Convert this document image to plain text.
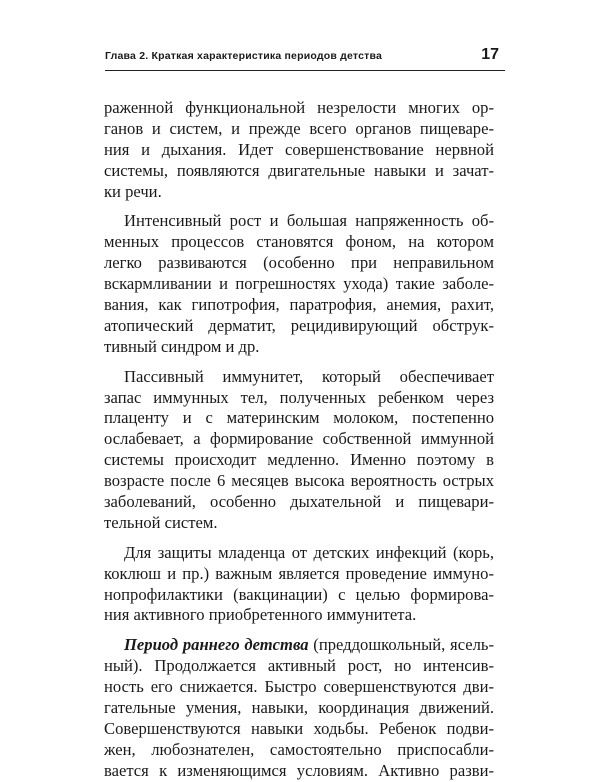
Глава 2. Краткая характеристика периодов детства	17
раженной функциональной незрелости многих ор-
ганов и систем, и прежде всего органов пищеваре-
ния и дыхания. Идет совершенствование нервной
системы, появляются двигательные навыки и зачат-
ки речи.
Интенсивный рост и большая напряженность об-
менных процессов становятся фоном, на котором
легко развиваются (особенно при неправильном
вскармливании и погрешностях ухода) такие заболе-
вания, как гипотрофия, паратрофия, анемия, рахит,
атопический дерматит, рецидивирующий обструк-
тивный синдром и др.
Пассивный иммунитет, который обеспечивает
запас иммунных тел, полученных ребенком через
плаценту и с материнским молоком, постепенно
ослабевает, а формирование собственной иммунной
системы происходит медленно. Именно поэтому в
возрасте после 6 месяцев высока вероятность острых
заболеваний, особенно дыхательной и пищевари-
тельной систем.
Для защиты младенца от детских инфекций (корь,
коклюш и пр.) важным является проведение иммуно-
нопрофилактики (вакцинации) с целью формирова-
ния активного приобретенного иммунитета.
Период раннего детства (преддошкольный, ясель-
ный). Продолжается активный рост, но интенсив-
ность его снижается. Быстро совершенствуются дви-
гательные умения, навыки, координация движений.
Совершенствуются навыки ходьбы. Ребенок подви-
жен, любознателен, самостоятельно приспосабли-
вается к изменяющимся условиям. Активно разви-
